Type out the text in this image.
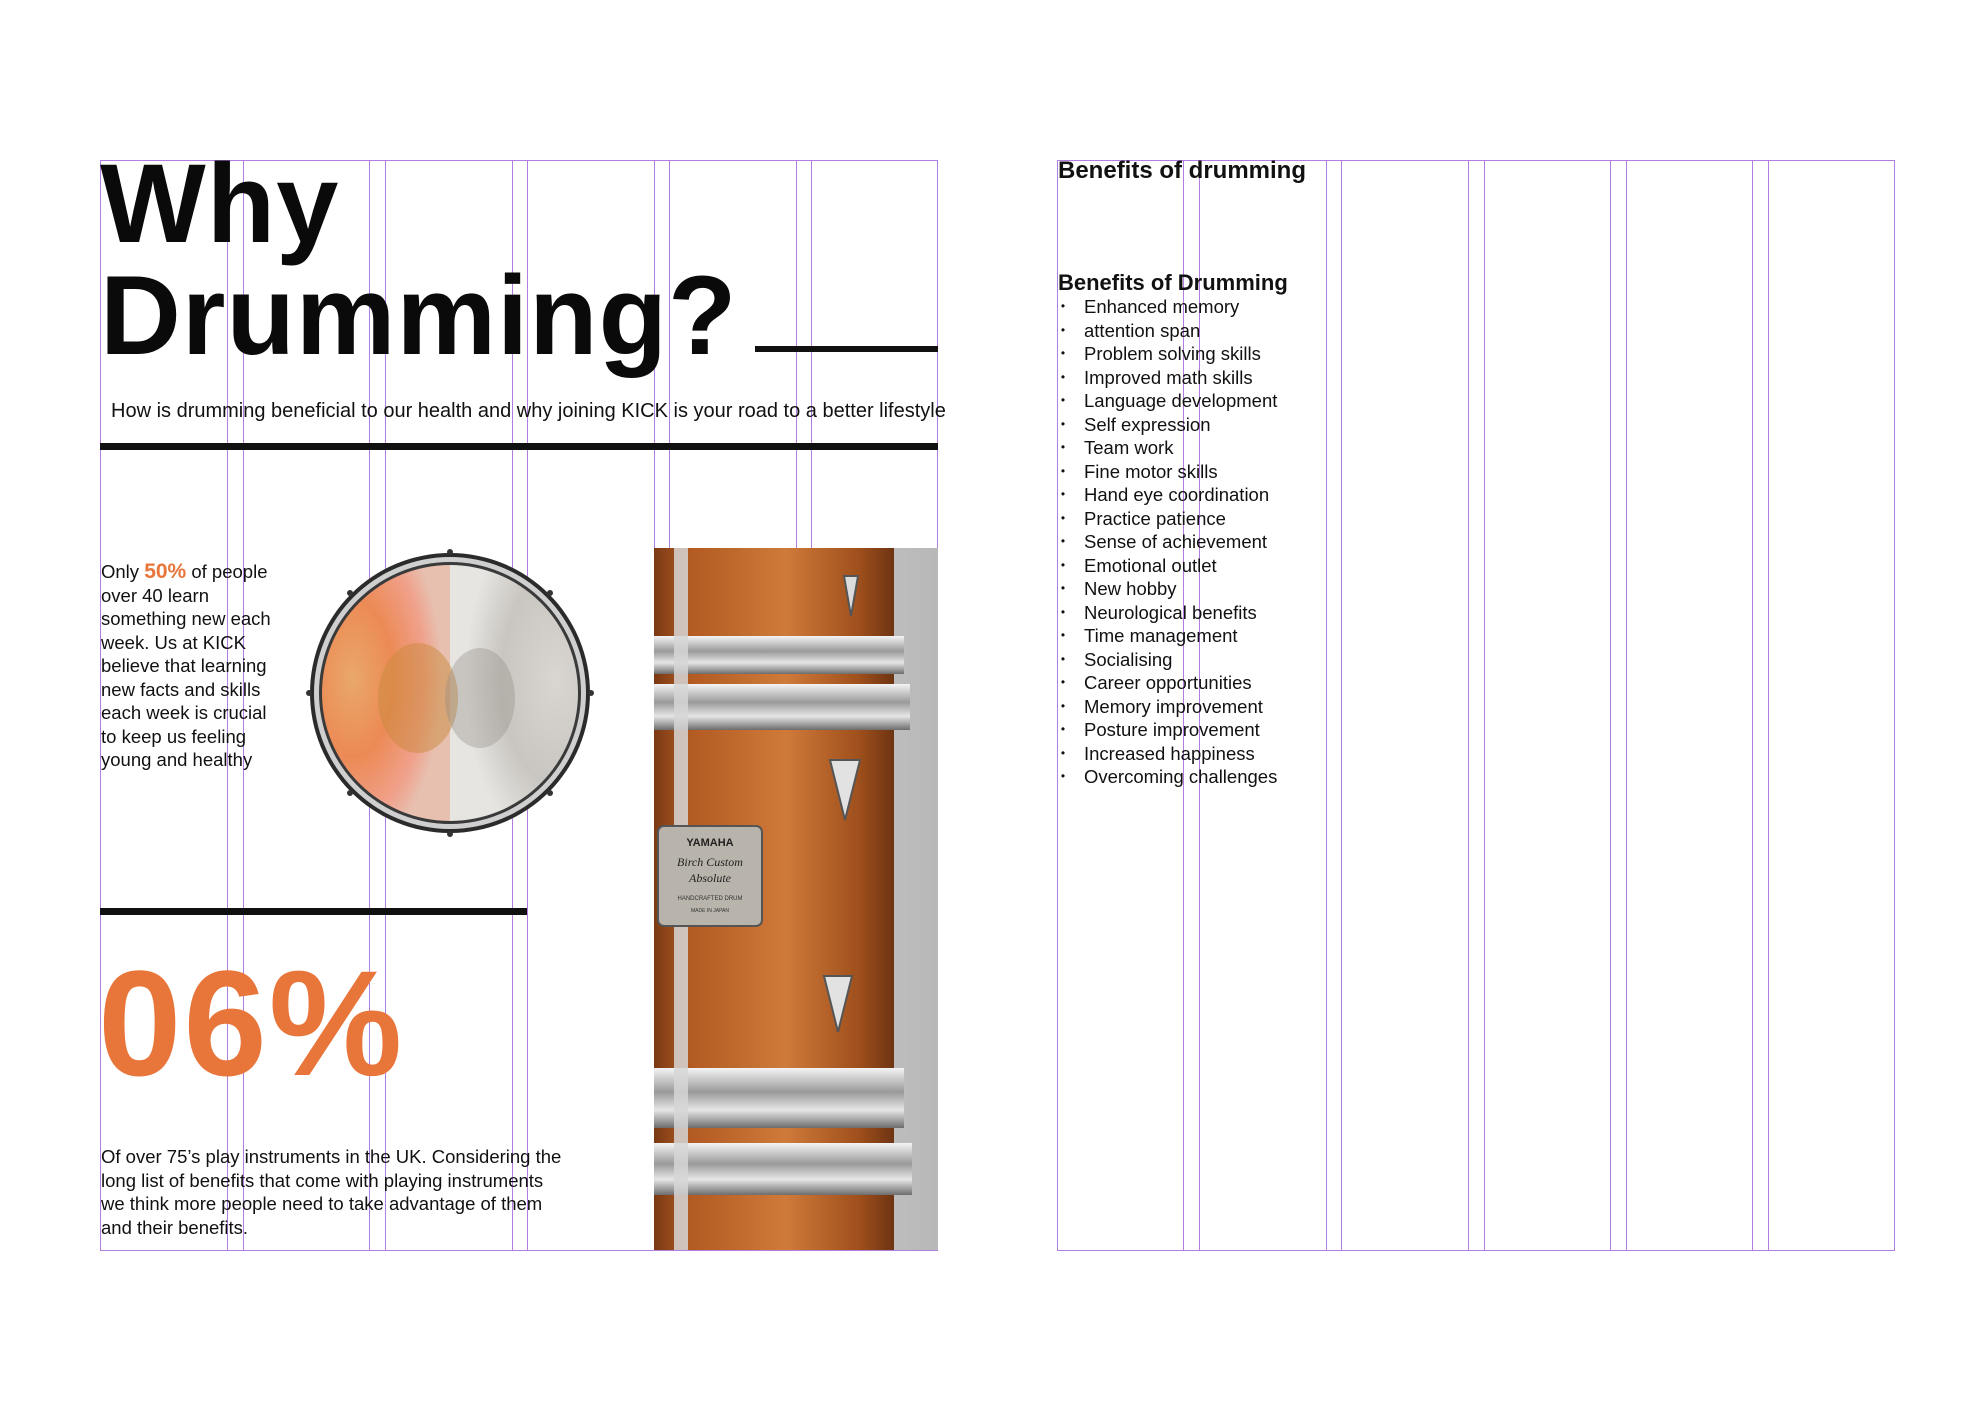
Why
Drumming?
How is drumming beneficial to our health and why joining KICK is your road to a better lifestyle
Only 50% of people over 40 learn something new each week. Us at KICK believe that learning new facts and skills each week is crucial to keep us feeling young and healthy
YAMAHA
Birch Custom
Absolute
HANDCRAFTED DRUM
MADE IN JAPAN
06%
Of over 75’s play instruments in the UK. Considering the long list of benefits that come with playing instruments we think more people need to take advantage of them and their benefits.
Benefits of drumming
Benefits of Drumming
• Enhanced memory
• attention span
• Problem solving skills
• Improved math skills
• Language development
• Self expression
• Team work
• Fine motor skills
• Hand eye coordination
• Practice patience
• Sense of achievement
• Emotional outlet
• New hobby
• Neurological benefits
• Time management
• Socialising
• Career opportunities
• Memory improvement
• Posture improvement
• Increased happiness
• Overcoming challenges
